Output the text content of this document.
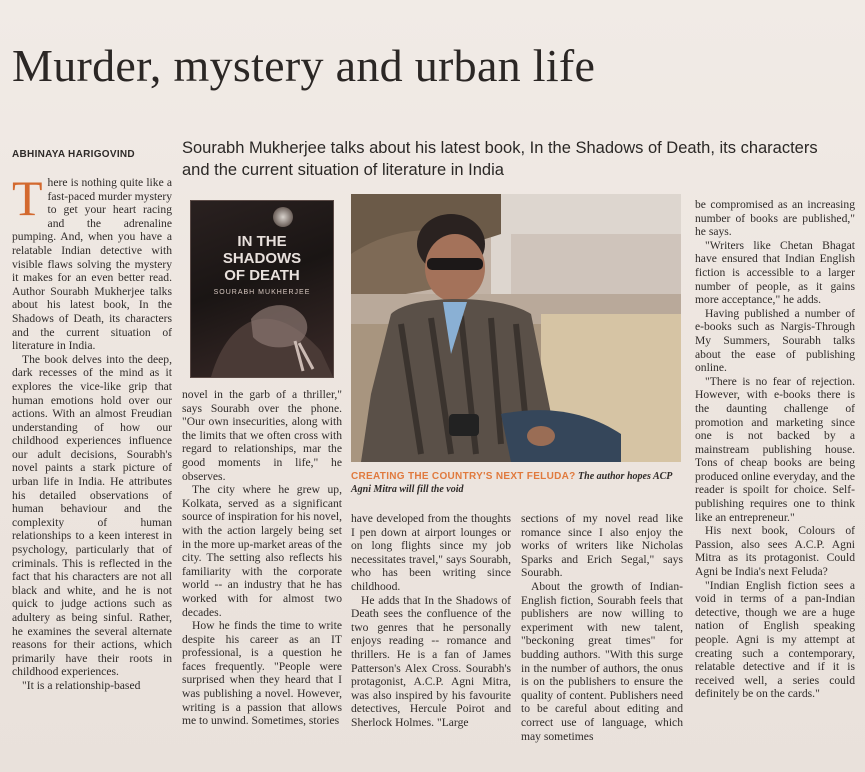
Murder, mystery and urban life
ABHINAYA HARIGOVIND	Sourabh Mukherjee talks about his latest book, In the Shadows of Death, its characters and the current situation of literature in India

There is nothing quite like a fast-paced murder mystery to get your heart racing and the adrenaline pumping. And, when you have a relatable Indian detective with visible flaws solving the mystery it makes for an even better read. Author Sourabh Mukherjee talks about his latest book, In the Shadows of Death, its characters and the current situation of literature in India.

The book delves into the deep, dark recesses of the mind as it explores the vice-like grip that human emotions hold over our actions. With an almost Freudian understanding of how our childhood experiences influence our adult decisions, Sourabh's novel paints a stark picture of urban life in India. He attributes his detailed observations of human behaviour and the complexity of human relationships to a keen interest in psychology, particularly that of criminals. This is reflected in the fact that his characters are not all black and white, and he is not quick to judge actions such as adultery as being sinful. Rather, he examines the several alternate reasons for their actions, which primarily have their roots in childhood experiences.

"It is a relationship-based

IN THE
SHADOWS
OF DEATH
SOURABH MUKHERJEE

novel in the garb of a thriller," says Sourabh over the phone. "Our own insecurities, along with the limits that we often cross with regard to relationships, mar the good moments in life," he observes.

The city where he grew up, Kolkata, served as a significant source of inspiration for his novel, with the action largely being set in the more up-market areas of the city. The setting also reflects his familiarity with the corporate world -- an industry that he has worked with for almost two decades.

How he finds the time to write despite his career as an IT professional, is a question he faces frequently. "People were surprised when they heard that I was publishing a novel. However, writing is a passion that allows me to unwind. Sometimes, stories

CREATING THE COUNTRY'S NEXT FELUDA? The author hopes ACP Agni Mitra will fill the void

have developed from the thoughts I pen down at airport lounges or on long flights since my job necessitates travel," says Sourabh, who has been writing since childhood.

He adds that In the Shadows of Death sees the confluence of the two genres that he personally enjoys reading -- romance and thrillers. He is a fan of James Patterson's Alex Cross. Sourabh's protagonist, A.C.P. Agni Mitra, was also inspired by his favourite detectives, Hercule Poirot and Sherlock Holmes. "Large

sections of my novel read like romance since I also enjoy the works of writers like Nicholas Sparks and Erich Segal," says Sourabh.

About the growth of Indian-English fiction, Sourabh feels that publishers are now willing to experiment with new talent, "beckoning great times" for budding authors. "With this surge in the number of authors, the onus is on the publishers to ensure the quality of content. Publishers need to be careful about editing and correct use of language, which may sometimes

be compromised as an increasing number of books are published," he says.

"Writers like Chetan Bhagat have ensured that Indian English fiction is accessible to a larger number of people, as it gains more acceptance," he adds.

Having published a number of e-books such as Nargis-Through My Summers, Sourabh talks about the ease of publishing online.

"There is no fear of rejection. However, with e-books there is the daunting challenge of promotion and marketing since one is not backed by a mainstream publishing house. Tons of cheap books are being produced online everyday, and the reader is spoilt for choice. Self-publishing requires one to think like an entrepreneur."

His next book, Colours of Passion, also sees A.C.P. Agni Mitra as its protagonist. Could Agni be India's next Feluda?

"Indian English fiction sees a void in terms of a pan-Indian detective, though we are a huge nation of English speaking people. Agni is my attempt at creating such a contemporary, relatable detective and if it is received well, a series could definitely be on the cards."
